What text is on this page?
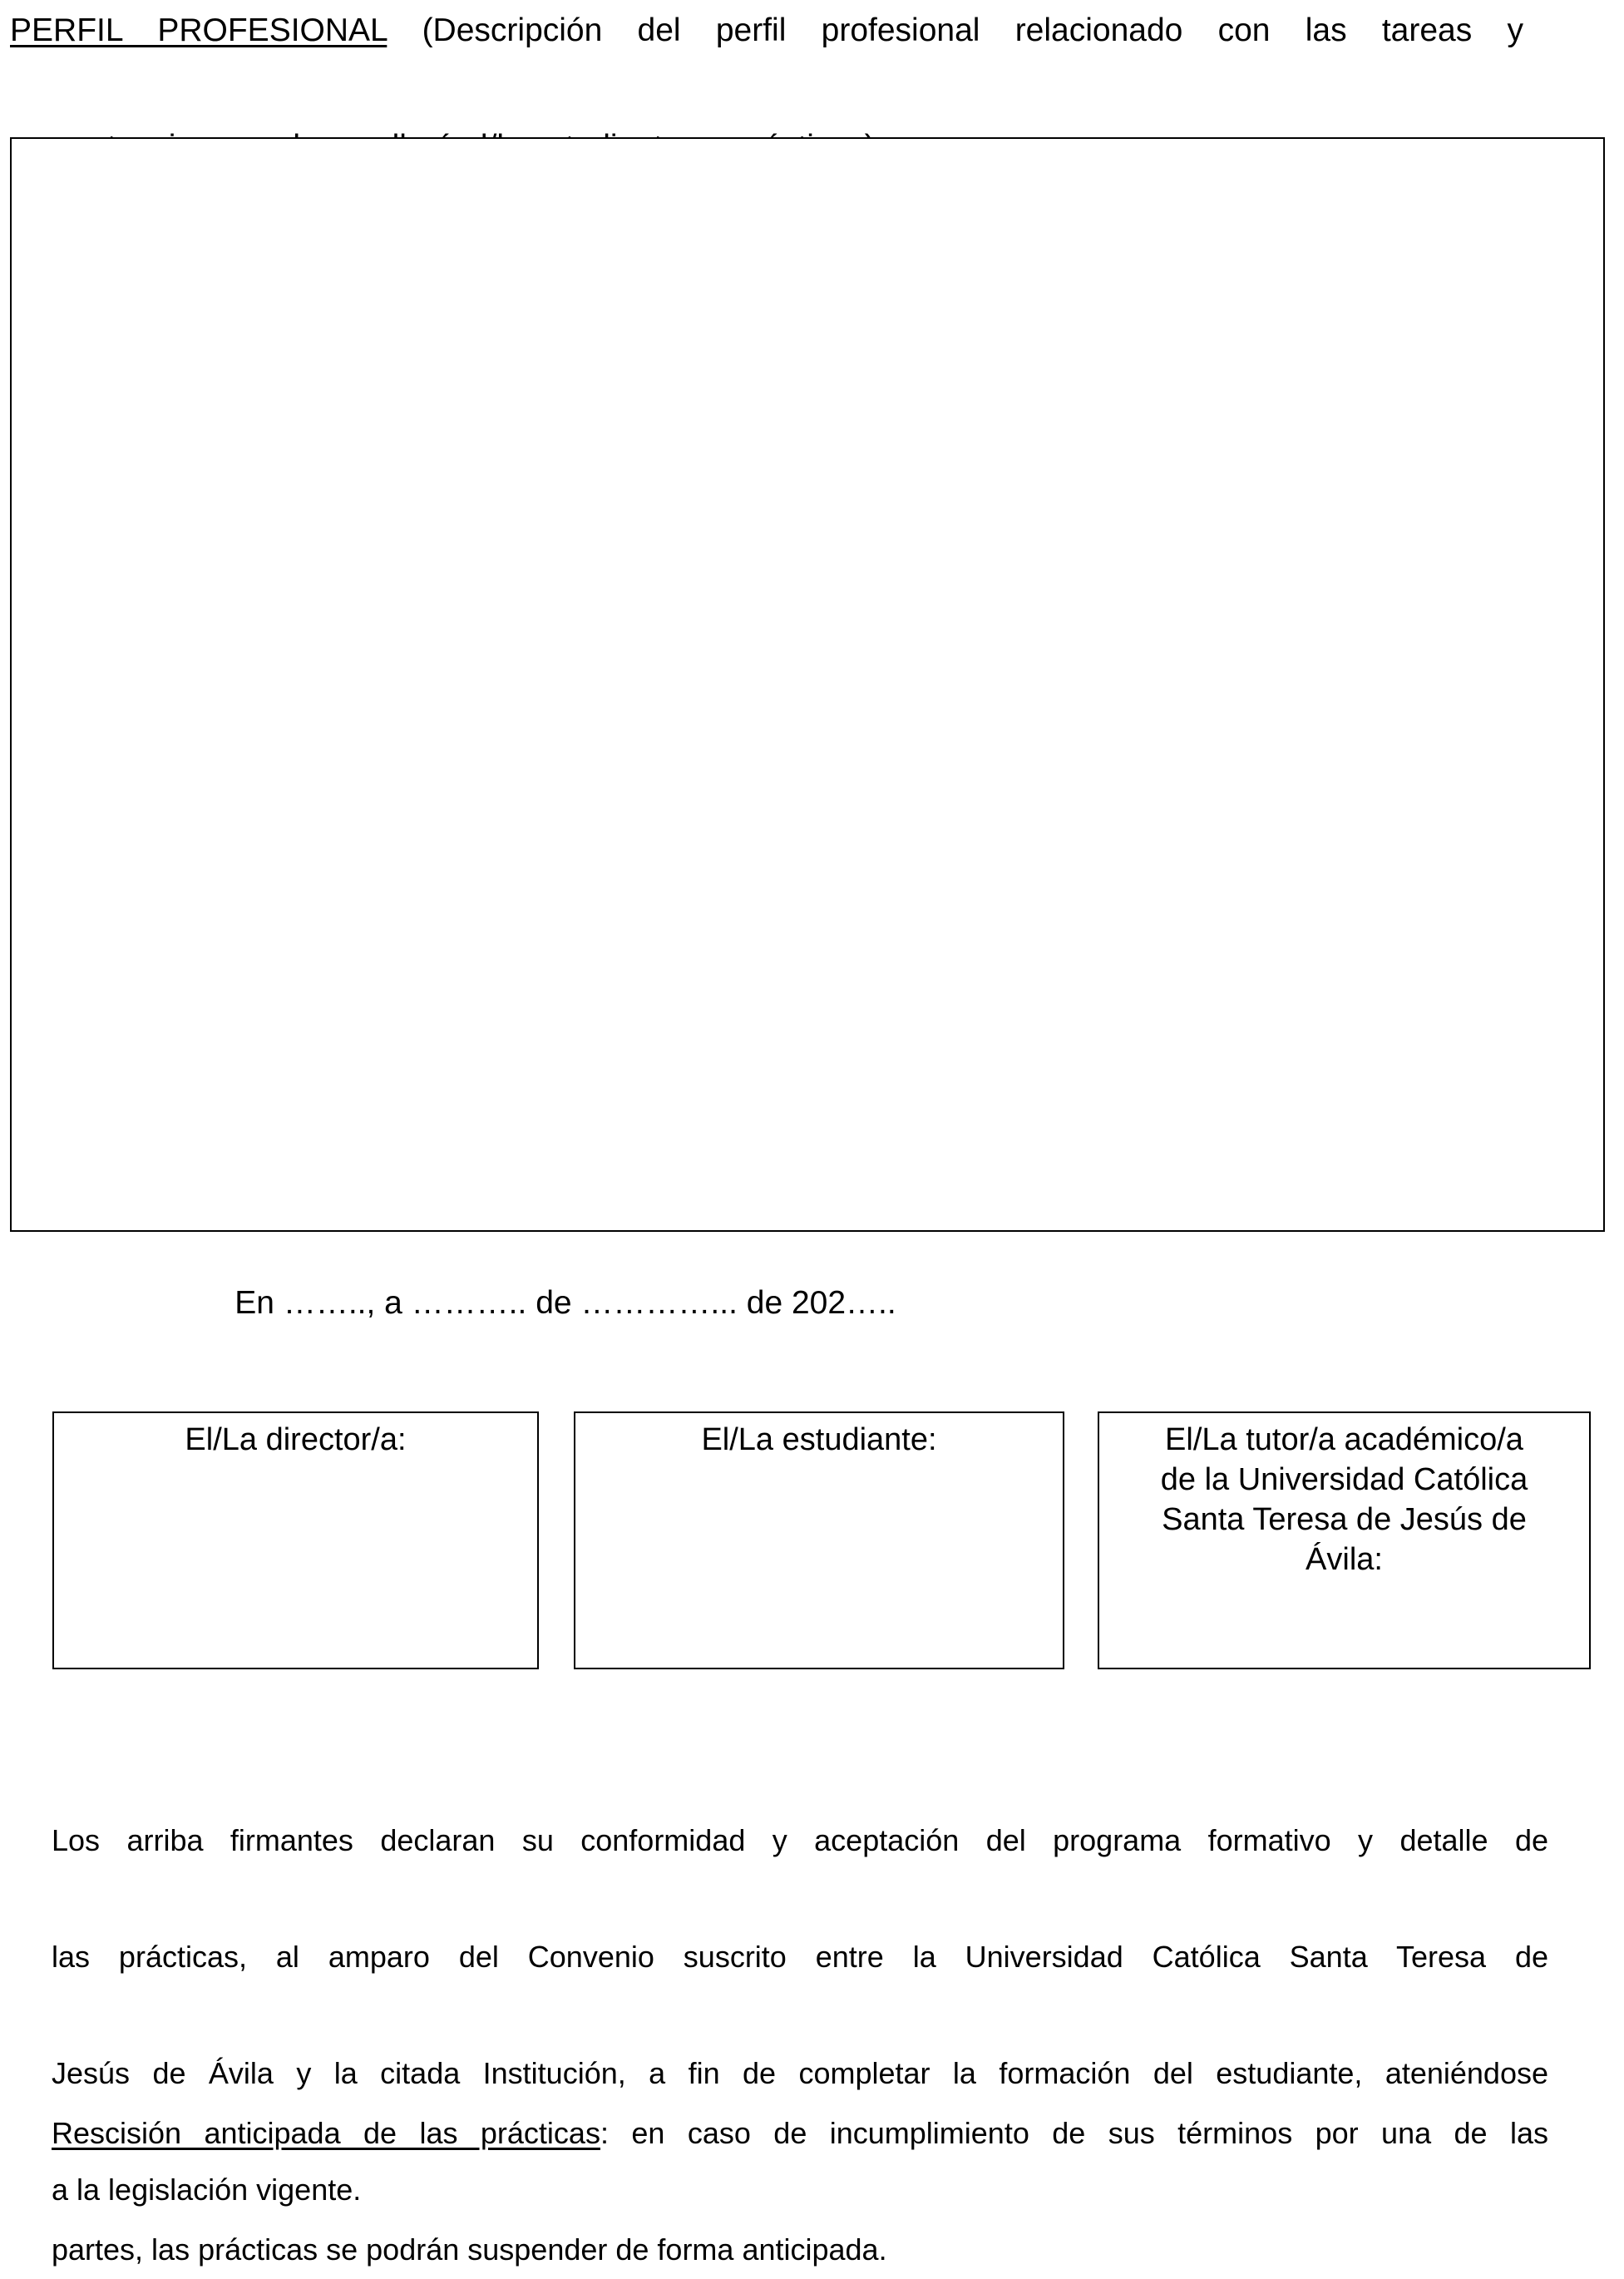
PERFIL PROFESIONAL (Descripción del perfil profesional relacionado con las tareas y
En …….., a ……….. de …………... de 202…..
El/La director/a:	El/La estudiante:	El/La tutor/a académico/a
de la Universidad Católica
Santa Teresa de Jesús de
Ávila:

Los arriba firmantes declaran su conformidad y aceptación del programa formativo y detalle de
las prácticas, al amparo del Convenio suscrito entre la Universidad Católica Santa Teresa de
Jesús de Ávila y la citada Institución, a fin de completar la formación del estudiante, ateniéndose
a la legislación vigente.

Rescisión anticipada de las prácticas: en caso de incumplimiento de sus términos por una de las
partes, las prácticas se podrán suspender de forma anticipada.
